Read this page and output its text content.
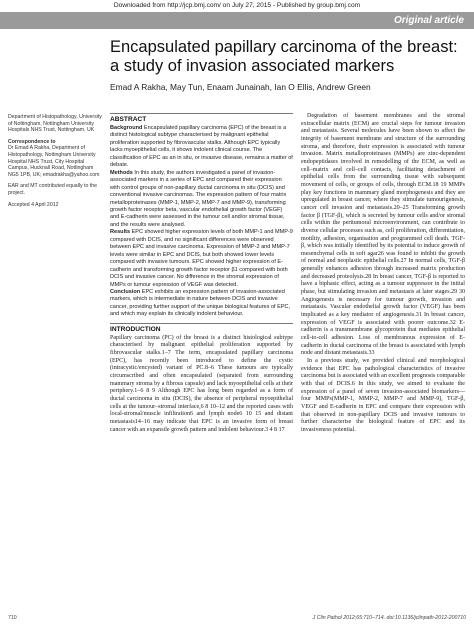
Downloaded from http://jcp.bmj.com/ on July 27, 2015 - Published by group.bmj.com
Original article
Encapsulated papillary carcinoma of the breast: a study of invasion associated markers
Emad A Rakha, May Tun, Enaam Junainah, Ian O Ellis, Andrew Green

Department of Histopathology, University of Nottingham, Nottingham University Hospitals NHS Trust, Nottingham, UK

Correspondence to

Dr Emad A Rakha, Department of Histopathology, Nottingham University Hospital NHS Trust, City Hospital Campus, Hucknall Road, Nottingham NG5 1PB, UK; emadrakha@yahoo.com

EAR and MT contributed equally to the project.

Accepted 4 April 2012

ABSTRACT

Background Encapsulated papillary carcinoma (EPC) of the breast is a distinct histological subtype characterised by malignant epithelial proliferation supported by fibrovascular stalks. Although EPC typically lacks myoepithelial cells, it shows indolent clinical course. The classification of EPC as an in situ, or invasive disease, remains a matter of debate.
Methods In this study, the authors investigated a panel of invasion-associated markers in a series of EPC and compared their expression with control groups of non-papillary ductal carcinoma in situ (DCIS) and conventional invasive carcinomas. The expression pattern of four matrix metalloproteinases (MMP-1, MMP-2, MMP-7 and MMP-9), transforming growth factor receptor beta, vascular endothelial growth factor (VEGF) and E-cadherin were assessed in the tumour cell and/or stromal tissue, and the results were analysed.
Results EPC showed higher expression levels of both MMP-1 and MMP-9 compared with DCIS, and no significant differences were observed between EPC and invasive carcinoma. Expression of MMP-2 and MMP-7 levels were similar in EPC and DCIS, but both showed lower levels compared with invasive tumours. EPC showed higher expression of E-cadherin and transforming growth factor receptor β1 compared with both DCIS and invasive cancer. No difference in the stromal expression of MMPs or tumour expression of VEGF was detected.
Conclusion EPC exhibits an expression pattern of invasion-associated markers, which is intermediate in nature between DCIS and invasive cancer, providing further support of the unique biological features of EPC, and which may explain its clinically indolent behaviour.

INTRODUCTION

Papillary carcinoma (PC) of the breast is a distinct histological subtype characterised by malignant epithelial proliferation supported by fibrovascular stalks.1–7 The term, encapsulated papillary carcinoma (EPC), has recently been introduced to define the cystic (intracystic/encysted) variant of PC.8–6 These tumours are typically circumscribed and often encapsulated (separated from surrounding mammary stroma by a fibrous capsule) and lack myoepithelial cells at their periphery.1–6 8 9 Although EPC has long been regarded as a form of ductal carcinoma in situ (DCIS), the absence of peripheral myoepithelial cells at the tumour–stromal interface,6 8 10–12 and the reported cases with local-stromal/muscle infiltration6 and lymph node6 10 15 and distant metastasis14–16 may indicate that EPC is an invasive form of breast cancer with an expansile growth pattern and indolent behaviour.3 4 8 17

Degradation of basement membranes and the stromal extracellular matrix (ECM) are crucial steps for tumour invasion and metastasis. Several molecules have been shown to affect the integrity of basement membrane and structure of the surrounding stroma, and therefore, their expression is associated with tumour invasion. Matrix metalloproteinases (MMPs) are zinc-dependent endopeptidases involved in remodelling of the ECM, as well as cell–matrix and cell–cell contacts, facilitating detachment of epithelial cells from the surrounding tissue with subsequent movement of cells, or groups of cells, through ECM.18 19 MMPs play key functions in mammary gland morphogenesis and they are upregulated in breast cancer, where they stimulate tumourigenesis, cancer cell invasion and metastasis.20–25 Transforming growth factor β (TGF-β), which is secreted by tumour cells and/or stromal cells within the peritumoral microenvironment, can contribute to diverse cellular processes such as, cell proliferation, differentiation, motility, adhesion, organisation and programmed cell death. TGF-β, which was initially identified by its potential to induce growth of mesenchymal cells in soft agar26 was found to inhibit the growth of normal and neoplastic epithelial cells.27 In normal cells, TGF-β generally enhances adhesion through increased matrix production and decreased proteolysis.28 In breast cancer, TGF-β is reported to have a biphasic effect, acting as a tumour suppressor in the initial phase, but stimulating invasion and metastasis at later stages.29 30 Angiogenesis is necessary for tumour growth, invasion and metastasis. Vascular endothelial growth factor (VEGF) has been implicated as a key mediator of angiogenesis.31 In breast cancer, expression of VEGF is associated with poorer outcome.32 E-cadherin is a transmembrane glycoprotein that mediates epithelial cell-to-cell adhesion. Loss of membranous expression of E-cadherin in ductal carcinoma of the breast is associated with lymph node and distant metastasis.33

In a previous study, we provided clinical and morphological evidence that EPC has pathological characteristics of invasive carcinoma but is associated with an excellent prognosis comparable with that of DCIS.6 In this study, we aimed to evaluate the expression of a panel of seven invasion-associated biomarkers—four MMPs(MMP-1, MMP-2, MMP-7 and MMP-9), TGF-β, VEGF and E-cadherin in EPC and compare their expression with that observed in non-papillary DCIS and invasive tumours to further characterise the biological feature of EPC and its invasiveness potential.

710	J Clin Pathol 2012;65:710–714. doi:10.1136/jclinpath-2012-200710
